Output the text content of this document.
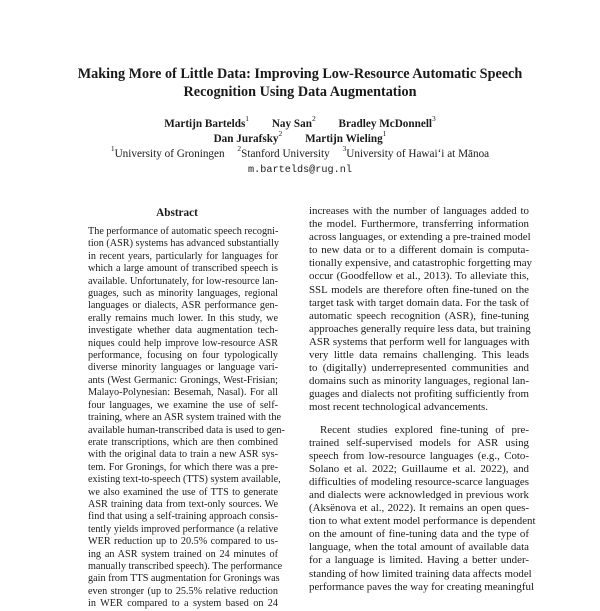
Making More of Little Data: Improving Low-Resource Automatic Speech
Recognition Using Data Augmentation
Martijn Bartelds$^1$ Nay San$^2$ Bradley McDonnell$^3$
Dan Jurafsky$^2$ Martijn Wieling$^1$
$^1$University of Groningen $^2$Stanford University $^3$University of Hawai‘i at Mānoa
m.bartelds@rug.nl
Abstract
The performance of automatic speech recogni-
tion (ASR) systems has advanced substantially
in recent years, particularly for languages for
which a large amount of transcribed speech is
available. Unfortunately, for low-resource lan-
guages, such as minority languages, regional
languages or dialects, ASR performance gen-
erally remains much lower. In this study, we
investigate whether data augmentation tech-
niques could help improve low-resource ASR
performance, focusing on four typologically
diverse minority languages or language vari-
ants (West Germanic: Gronings, West-Frisian;
Malayo-Polynesian: Besemah, Nasal). For all
four languages, we examine the use of self-
training, where an ASR system trained with the
available human-transcribed data is used to gen-
erate transcriptions, which are then combined
with the original data to train a new ASR sys-
tem. For Gronings, for which there was a pre-
existing text-to-speech (TTS) system available,
we also examined the use of TTS to generate
ASR training data from text-only sources. We
find that using a self-training approach consis-
tently yields improved performance (a relative
WER reduction up to 20.5% compared to us-
ing an ASR system trained on 24 minutes of
manually transcribed speech). The performance
gain from TTS augmentation for Gronings was
even stronger (up to 25.5% relative reduction
in WER compared to a system based on 24
increases with the number of languages added to
the model. Furthermore, transferring information
across languages, or extending a pre-trained model
to new data or to a different domain is computa-
tionally expensive, and catastrophic forgetting may
occur (Goodfellow et al., 2013). To alleviate this,
SSL models are therefore often fine-tuned on the
target task with target domain data. For the task of
automatic speech recognition (ASR), fine-tuning
approaches generally require less data, but training
ASR systems that perform well for languages with
very little data remains challenging. This leads
to (digitally) underrepresented communities and
domains such as minority languages, regional lan-
guages and dialects not profiting sufficiently from
most recent technological advancements.
Recent studies explored fine-tuning of pre-
trained self-supervised models for ASR using
speech from low-resource languages (e.g., Coto-
Solano et al. 2022; Guillaume et al. 2022), and
difficulties of modeling resource-scarce languages
and dialects were acknowledged in previous work
(Aksënova et al., 2022). It remains an open ques-
tion to what extent model performance is dependent
on the amount of fine-tuning data and the type of
language, when the total amount of available data
for a language is limited. Having a better under-
standing of how limited training data affects model
performance paves the way for creating meaningful
